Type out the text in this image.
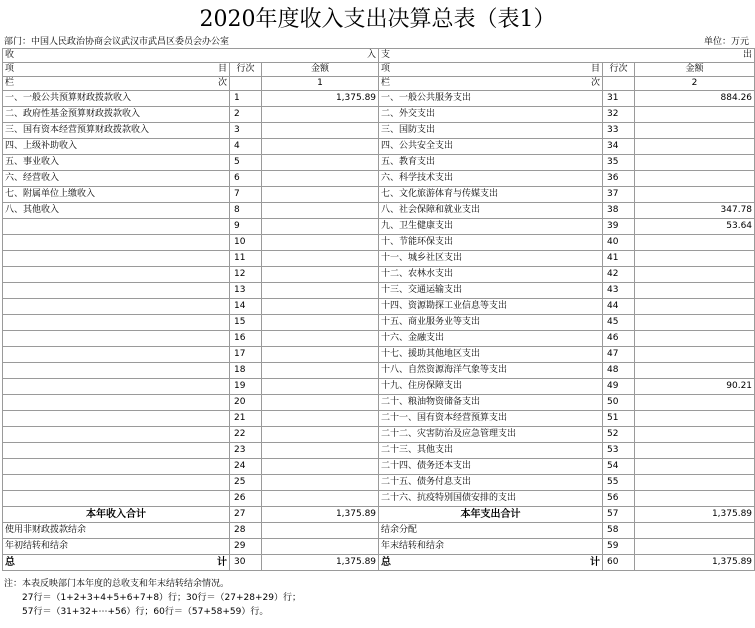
2020年度收入支出决算总表（表1）
部门：中国人民政治协商会议武汉市武昌区委员会办公室	单位：万元
收 入			支 出		

项 目	行次	金额	项 目	行次	金额

栏 次		1	栏 次		2
一、一般公共预算财政拨款收入	1	1,375.89	一、一般公共服务支出	31	884.26
二、政府性基金预算财政拨款收入	2		二、外交支出	32	
三、国有资本经营预算财政拨款收入	3		三、国防支出	33	
四、上级补助收入	4		四、公共安全支出	34	
五、事业收入	5		五、教育支出	35	
六、经营收入	6		六、科学技术支出	36	
七、附属单位上缴收入	7		七、文化旅游体育与传媒支出	37	
八、其他收入	8		八、社会保障和就业支出	38	347.78
	9		九、卫生健康支出	39	53.64
	10		十、节能环保支出	40	
	11		十一、城乡社区支出	41	
	12		十二、农林水支出	42	
	13		十三、交通运输支出	43	
	14		十四、资源勘探工业信息等支出	44	
	15		十五、商业服务业等支出	45	
	16		十六、金融支出	46	
	17		十七、援助其他地区支出	47	
	18		十八、自然资源海洋气象等支出	48	
	19		十九、住房保障支出	49	90.21
	20		二十、粮油物资储备支出	50	
	21		二十一、国有资本经营预算支出	51	
	22		二十二、灾害防治及应急管理支出	52	
	23		二十三、其他支出	53	
	24		二十四、债务还本支出	54	
	25		二十五、债务付息支出	55	
	26		二十六、抗疫特别国债安排的支出	56	
本年收入合计	27	1,375.89	本年支出合计	57	1,375.89
使用非财政拨款结余	28		结余分配	58	
年初结转和结余	29		年末结转和结余	59	

总 计	30	1,375.89	总 计	60	1,375.89
注：本表反映部门本年度的总收支和年末结转结余情况。
27行＝（1+2+3+4+5+6+7+8）行；30行＝（27+28+29）行；
57行＝（31+32+⋯+56）行；60行＝（57+58+59）行。
